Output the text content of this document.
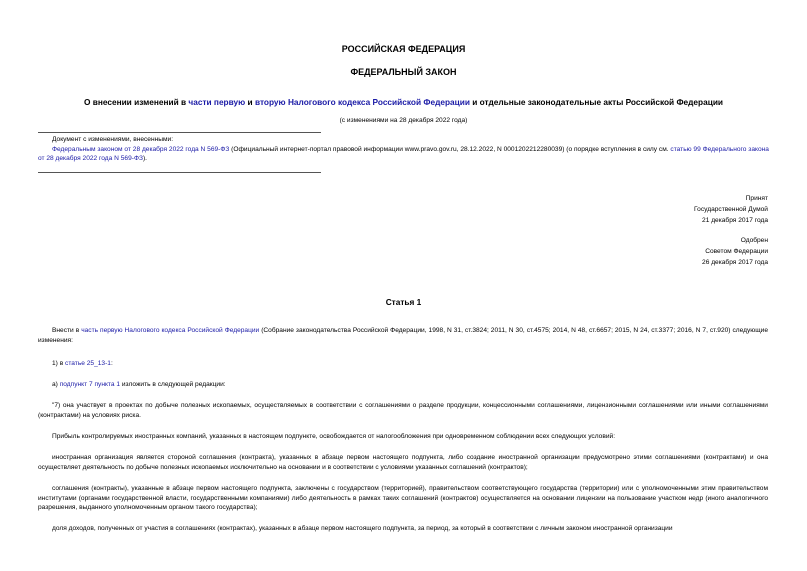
РОССИЙСКАЯ ФЕДЕРАЦИЯ
ФЕДЕРАЛЬНЫЙ ЗАКОН
О внесении изменений в части первую и вторую Налогового кодекса Российской Федерации и отдельные законодательные акты Российской Федерации
(с изменениями на 28 декабря 2022 года)
Документ с изменениями, внесенными:
Федеральным законом от 28 декабря 2022 года N 569-ФЗ (Официальный интернет-портал правовой информации www.pravo.gov.ru, 28.12.2022, N 0001202212280039) (о порядке вступления в силу см. статью 99 Федерального закона от 28 декабря 2022 года N 569-ФЗ).
Принят
Государственной Думой
21 декабря 2017 года
Одобрен
Советом Федерации
26 декабря 2017 года
Статья 1
Внести в часть первую Налогового кодекса Российской Федерации (Собрание законодательства Российской Федерации, 1998, N 31, ст.3824; 2011, N 30, ст.4575; 2014, N 48, ст.6657; 2015, N 24, ст.3377; 2016, N 7, ст.920) следующие изменения:
1) в статье 25_13-1:
а) подпункт 7 пункта 1 изложить в следующей редакции:
"7) она участвует в проектах по добыче полезных ископаемых, осуществляемых в соответствии с соглашениями о разделе продукции, концессионными соглашениями, лицензионными соглашениями или иными соглашениями (контрактами) на условиях риска.
Прибыль контролируемых иностранных компаний, указанных в настоящем подпункте, освобождается от налогообложения при одновременном соблюдении всех следующих условий:
иностранная организация является стороной соглашения (контракта), указанных в абзаце первом настоящего подпункта, либо создание иностранной организации предусмотрено этими соглашениями (контрактами) и она осуществляет деятельность по добыче полезных ископаемых исключительно на основании и в соответствии с условиями указанных соглашений (контрактов);
соглашения (контракты), указанные в абзаце первом настоящего подпункта, заключены с государством (территорией), правительством соответствующего государства (территории) или с уполномоченными этим правительством институтами (органами государственной власти, государственными компаниями) либо деятельность в рамках таких соглашений (контрактов) осуществляется на основании лицензии на пользование участком недр (иного аналогичного разрешения, выданного уполномоченным органом такого государства);
доля доходов, полученных от участия в соглашениях (контрактах), указанных в абзаце первом настоящего подпункта, за период, за который в соответствии с личным законом иностранной организации
